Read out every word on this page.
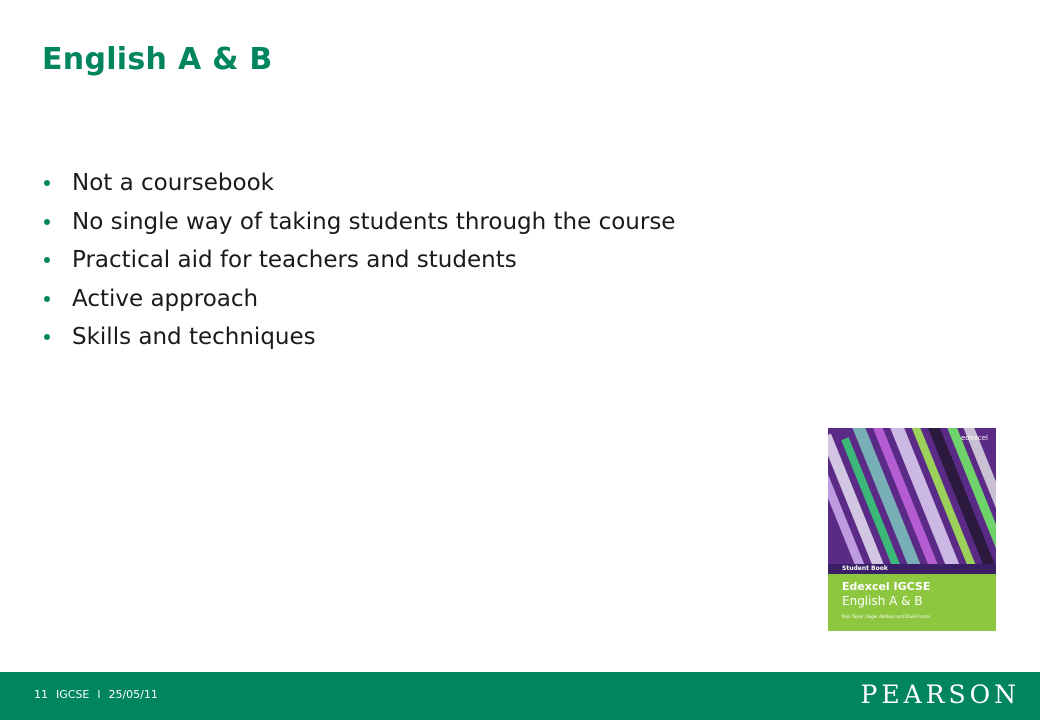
English A & B
Not a coursebook
No single way of taking students through the course
Practical aid for teachers and students
Active approach
Skills and techniques
edexcel
Student Book
Edexcel IGCSE
English A & B
Pam Taylor, Roger Addison and David Foster
11 IGCSE l 25/05/11	PEARSON
